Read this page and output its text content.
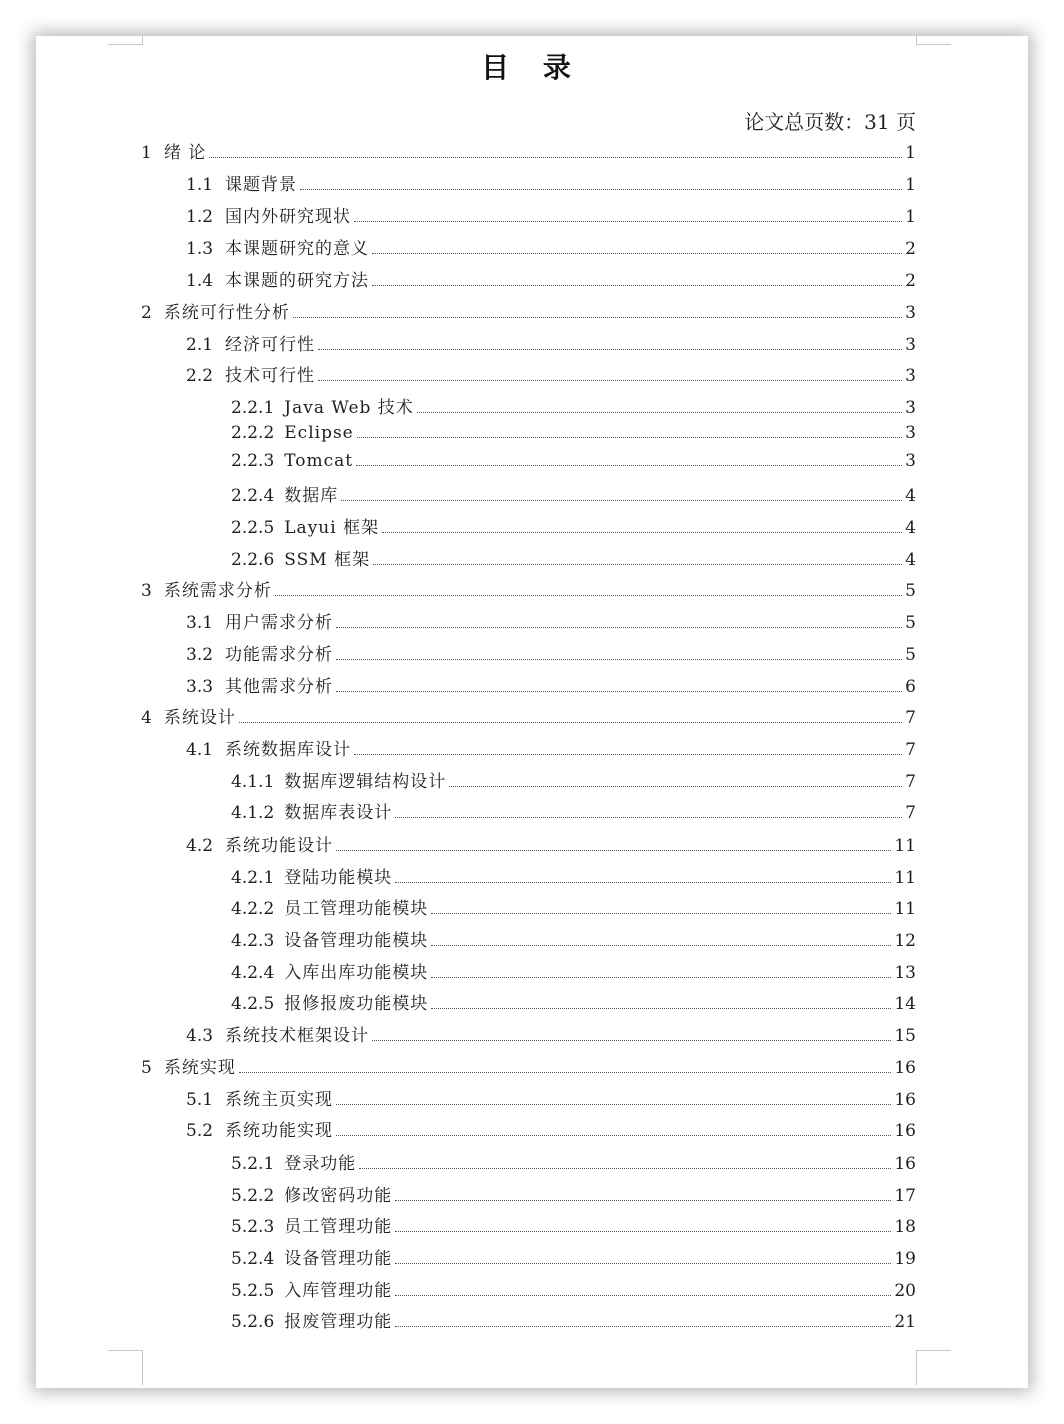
目 录
论文总页数：31 页
1 绪 论	1
1.1 课题背景	1
1.2 国内外研究现状	1
1.3 本课题研究的意义	2
1.4 本课题的研究方法	2
2 系统可行性分析	3
2.1 经济可行性	3
2.2 技术可行性	3
2.2.1 Java Web 技术	3
2.2.2 Eclipse	3
2.2.3 Tomcat	3
2.2.4 数据库	4
2.2.5 Layui 框架	4
2.2.6 SSM 框架	4
3 系统需求分析	5
3.1 用户需求分析	5
3.2 功能需求分析	5
3.3 其他需求分析	6
4 系统设计	7
4.1 系统数据库设计	7
4.1.1 数据库逻辑结构设计	7
4.1.2 数据库表设计	7
4.2 系统功能设计	11
4.2.1 登陆功能模块	11
4.2.2 员工管理功能模块	11
4.2.3 设备管理功能模块	12
4.2.4 入库出库功能模块	13
4.2.5 报修报废功能模块	14
4.3 系统技术框架设计	15
5 系统实现	16
5.1 系统主页实现	16
5.2 系统功能实现	16
5.2.1 登录功能	16
5.2.2 修改密码功能	17
5.2.3 员工管理功能	18
5.2.4 设备管理功能	19
5.2.5 入库管理功能	20
5.2.6 报废管理功能	21
